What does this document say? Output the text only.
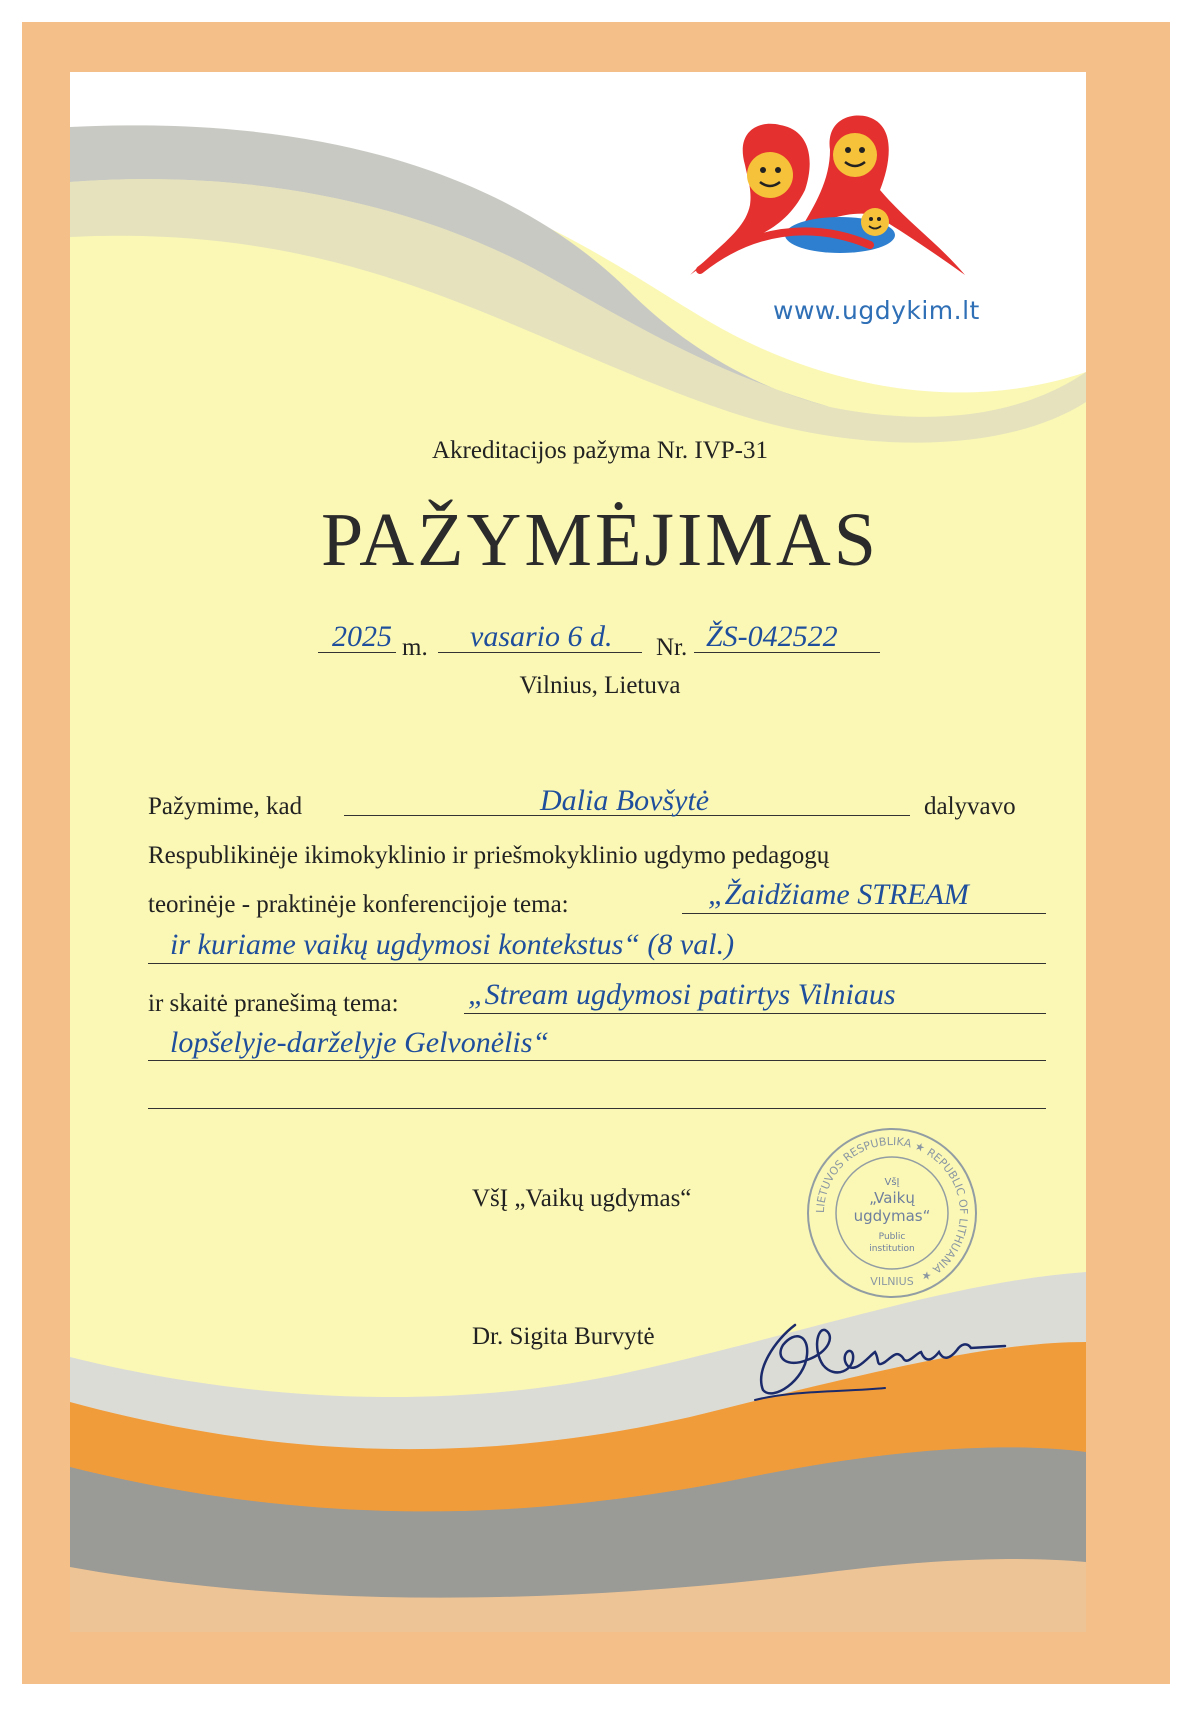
www.ugdykim.lt
Akreditacijos pažyma Nr. IVP-31
PAŽYMĖJIMAS
2025 m. vasario 6 d. Nr. ŽS-042522
Vilnius, Lietuva
Pažymime, kad	Dalia Bovšytė	dalyvavo
Respublikinėje ikimokyklinio ir priešmokyklinio ugdymo pedagogų
teorinėje - praktinėje konferencijoje tema:	„Žaidžiame STREAM
ir kuriame vaikų ugdymosi kontekstus“ (8 val.)
ir skaitė pranešimą tema: „Stream ugdymosi patirtys Vilniaus
lopšelyje-darželyje Gelvonėlis“
VšĮ „Vaikų ugdymas“	LIETUVOS RESPUBLIKA ★ REPUBLIC OF LITHUANIA ★
VILNIUS
VšĮ
„Vaikų
ugdymas“
Public
institution
Dr. Sigita Burvytė
